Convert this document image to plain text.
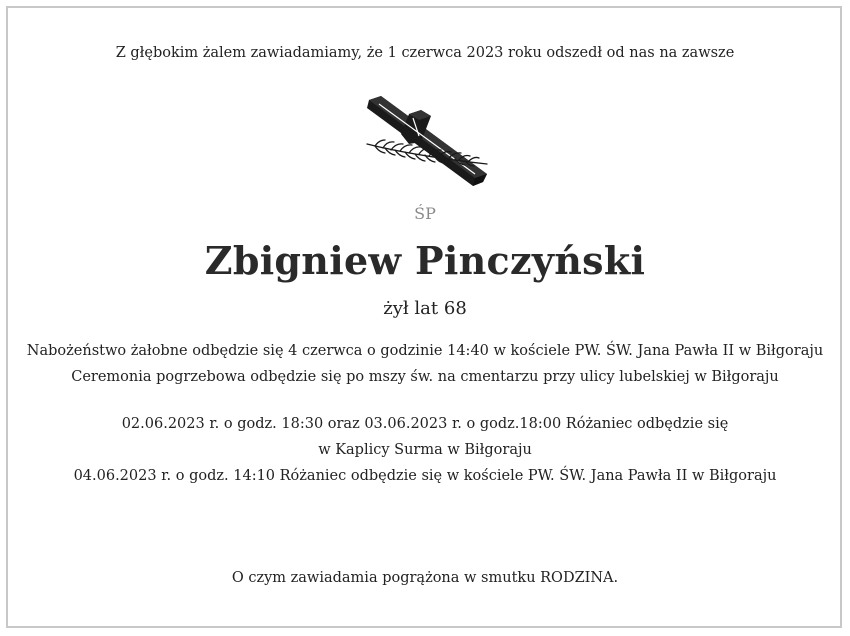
Z głębokim żalem zawiadamiamy, że 1 czerwca 2023 roku odszedł od nas na zawsze
ŚP
Zbigniew Pinczyński
żył lat 68
Nabożeństwo żałobne odbędzie się 4 czerwca o godzinie 14:40 w kościele PW. ŚW. Jana Pawła II w Biłgoraju
Ceremonia pogrzebowa odbędzie się po mszy św. na cmentarzu przy ulicy lubelskiej w Biłgoraju
02.06.2023 r. o godz. 18:30 oraz 03.06.2023 r. o godz.18:00 Różaniec odbędzie się
w Kaplicy Surma w Biłgoraju
04.06.2023 r. o godz. 14:10 Różaniec odbędzie się w kościele PW. ŚW. Jana Pawła II w Biłgoraju
O czym zawiadamia pogrążona w smutku RODZINA.
